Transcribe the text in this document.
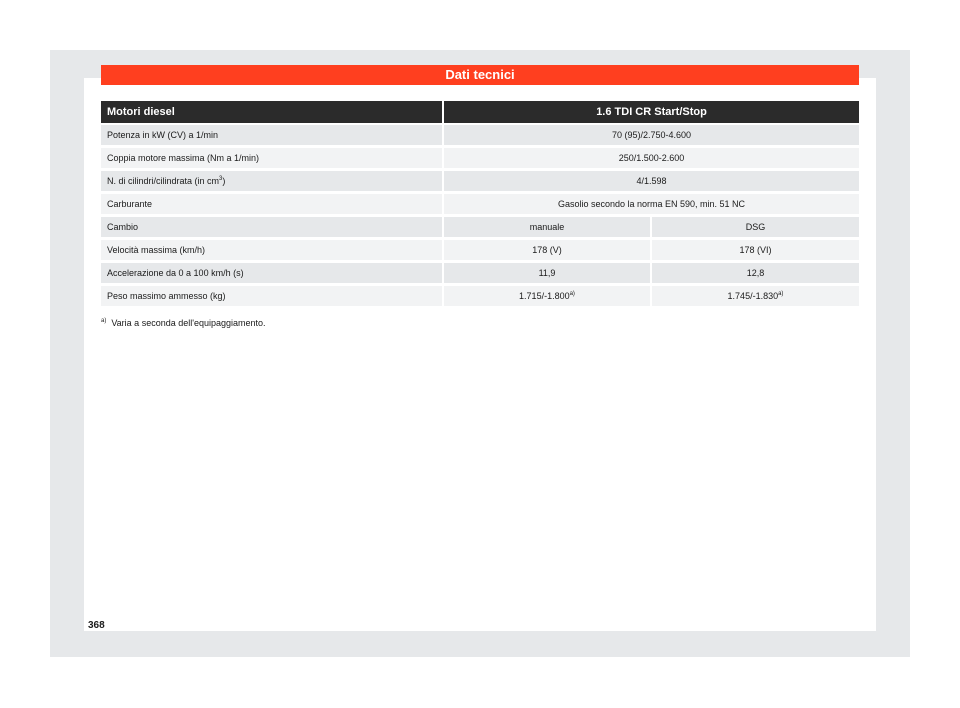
Dati tecnici
Motori diesel	1.6 TDI CR Start/Stop	
Potenza in kW (CV) a 1/min	70 (95)/2.750-4.600	
Coppia motore massima (Nm a 1/min)	250/1.500-2.600	
N. di cilindri/cilindrata (in cm$^3$)	4/1.598	
Carburante	Gasolio secondo la norma EN 590, min. 51 NC	
Cambio	manuale	DSG
Velocità massima (km/h)	178 (V)	178 (VI)
Accelerazione da 0 a 100 km/h (s)	11,9	12,8
Peso massimo ammesso (kg)	1.715/-1.800$^{a)}$	1.745/-1.830$^{a)}$
$^{a)}$ Varia a seconda dell'equipaggiamento.
368
